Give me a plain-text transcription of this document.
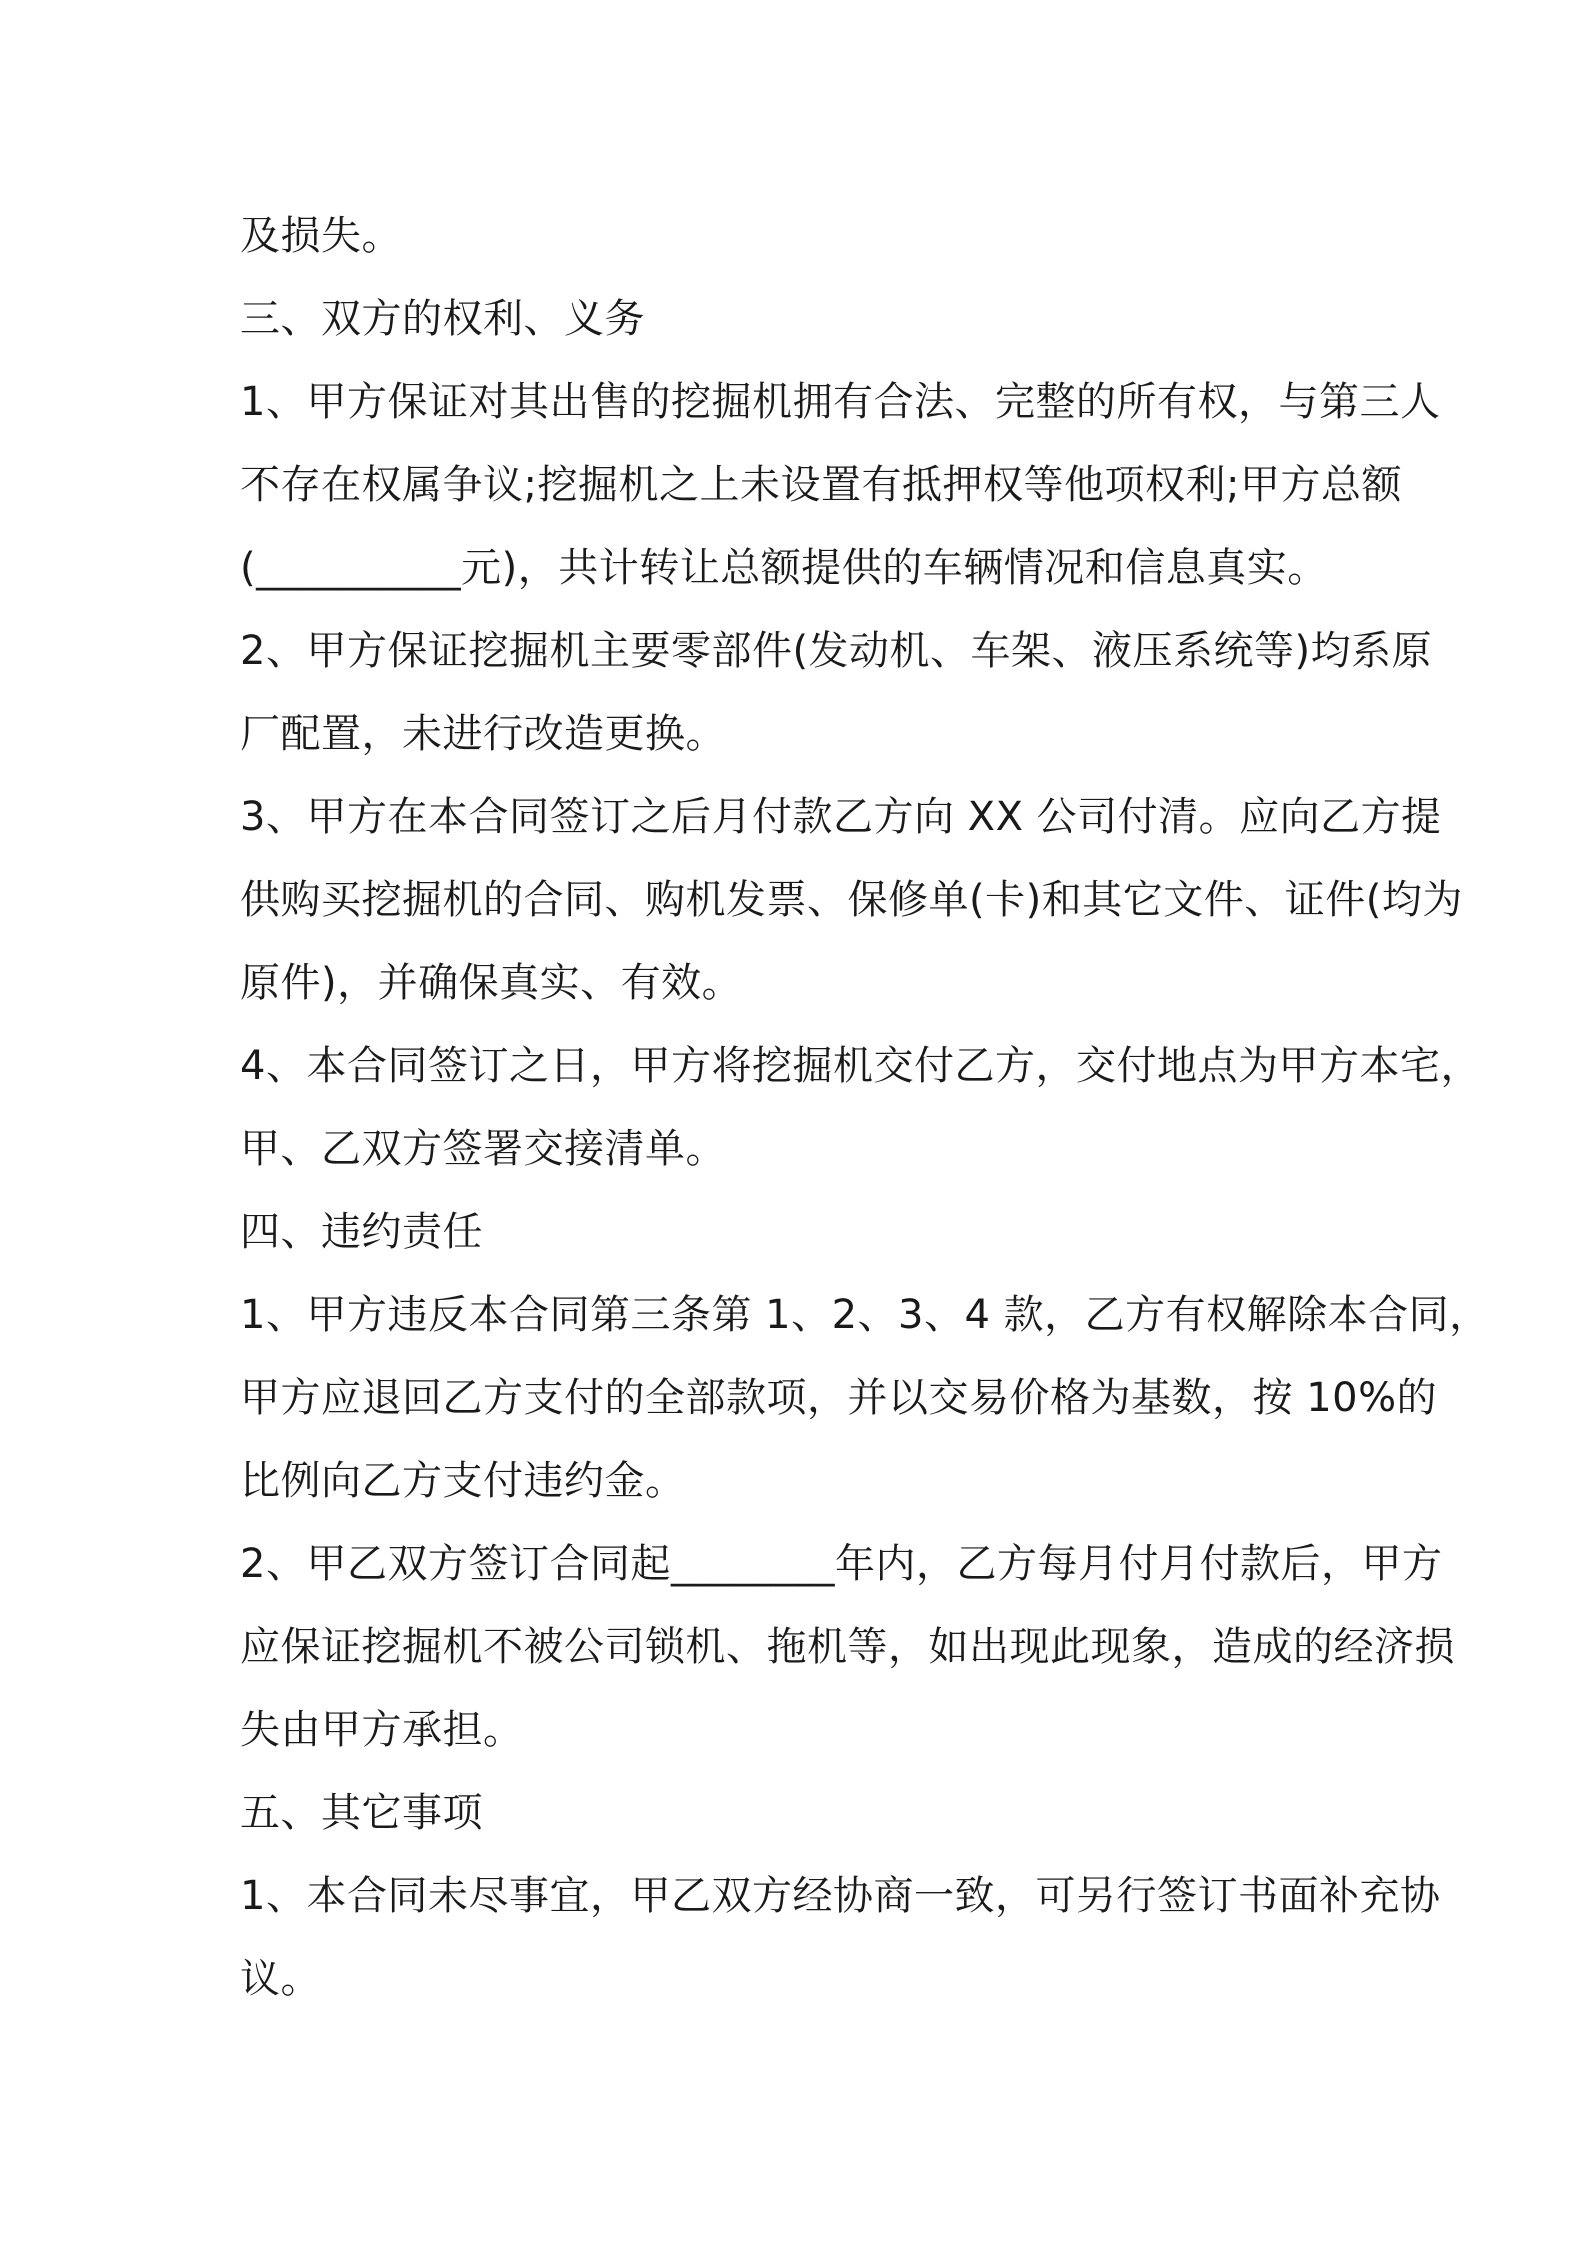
及损失。
三、双方的权利、义务
1、甲方保证对其出售的挖掘机拥有合法、完整的所有权，与第三人
不存在权属争议;挖掘机之上未设置有抵押权等他项权利;甲方总额
(__________元)，共计转让总额提供的车辆情况和信息真实。
2、甲方保证挖掘机主要零部件(发动机、车架、液压系统等)均系原
厂配置，未进行改造更换。
3、甲方在本合同签订之后月付款乙方向 XX 公司付清。应向乙方提
供购买挖掘机的合同、购机发票、保修单(卡)和其它文件、证件(均为
原件)，并确保真实、有效。
4、本合同签订之日，甲方将挖掘机交付乙方，交付地点为甲方本宅，
甲、乙双方签署交接清单。
四、违约责任
1、甲方违反本合同第三条第 1、2、3、4 款，乙方有权解除本合同，
甲方应退回乙方支付的全部款项，并以交易价格为基数，按 10%的
比例向乙方支付违约金。
2、甲乙双方签订合同起________年内，乙方每月付月付款后，甲方
应保证挖掘机不被公司锁机、拖机等，如出现此现象，造成的经济损
失由甲方承担。
五、其它事项
1、本合同未尽事宜，甲乙双方经协商一致，可另行签订书面补充协
议。
